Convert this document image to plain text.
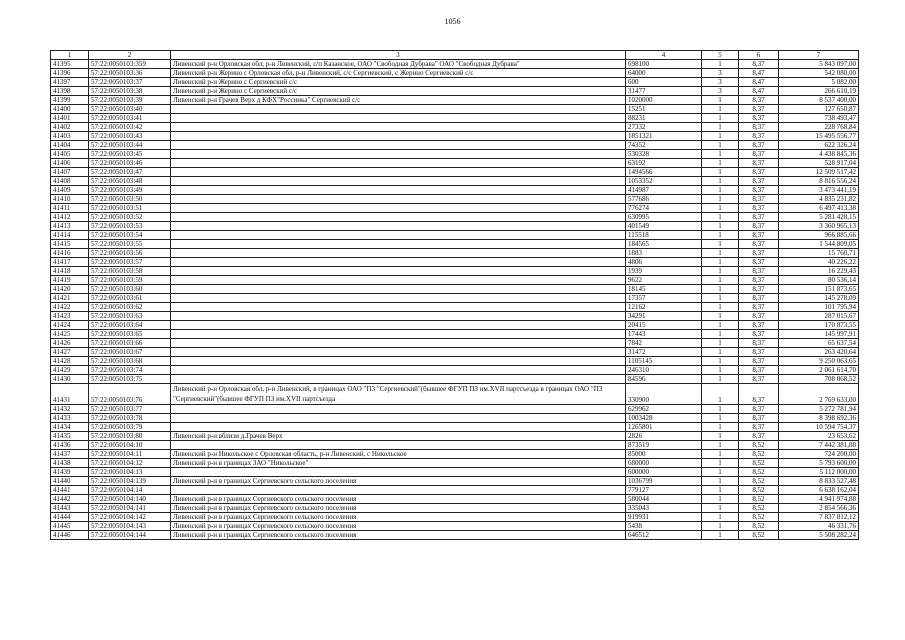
1056
1	2	3	4	5	6	7
41395	57:22:0050103:359	Ливенский р-н Орловская обл, р-н Ливенский, с/п Казанское, ОАО "Свободная Дубрава" ОАО "Свободная Дубрава"	698100	1	8,37	5 843 097,00
41396	57:22:0050103:36	Ливенский р-н Жерино с Орловская обл, р-н Ливенский, с/с Сергиевский, с Жерино Сергиевский с/с	64000	3	8,47	542 080,00
41397	57:22:0050103:37	Ливенский р-н Жерино с Сергиевский с/с	600	3	8,47	5 082,00
41398	57:22:0050103:38	Ливенский р-н Жерино с Сергиевский с/с	31477	3	8,47	266 610,19
41399	57:22:0050103:39	Ливенский р-н Грачев Верх д КФХ"Россинка" Сергиевский с/с	1020000	1	8,37	8 537 400,00
41400	57:22:0050103:40		15251	1	8,37	127 650,87
41401	57:22:0050103:41		88231	1	8,37	738 493,47
41402	57:22:0050103:42		27332	1	8,37	228 768,84
41403	57:22:0050103:43		1851321	1	8,37	15 495 556,77
41404	57:22:0050103:44		74352	1	8,37	622 326,24
41405	57:22:0050103:45		530328	1	8,37	4 438 845,36
41406	57:22:0050103:46		63192	1	8,37	528 917,04
41407	57:22:0050103:47		1494566	1	8,37	12 509 517,42
41408	57:22:0050103:48		1053352	1	8,37	8 816 556,24
41409	57:22:0050103:49		414987	1	8,37	3 473 441,19
41410	57:22:0050103:50		577686	1	8,37	4 835 231,82
41411	57:22:0050103:51		776274	1	8,37	6 497 413,38
41412	57:22:0050103:52		630995	1	8,37	5 281 428,15
41413	57:22:0050103:53		401549	1	8,37	3 360 965,13
41414	57:22:0050103:54		115518	1	8,37	966 885,66
41415	57:22:0050103:55		184565	1	8,37	1 544 809,05
41416	57:22:0050103:56		1883	1	8,37	15 760,71
41417	57:22:0050103:57		4806	1	8,37	40 226,22
41418	57:22:0050103:58		1939	1	8,37	16 229,43
41419	57:22:0050103:59		9622	1	8,37	80 536,14
41420	57:22:0050103:60		18145	1	8,37	151 873,65
41421	57:22:0050103:61		17357	1	8,37	145 278,09
41422	57:22:0050103:62		12162	1	8,37	101 795,94
41423	57:22:0050103:63		34291	1	8,37	287 015,67
41424	57:22:0050103:64		20415	1	8,37	170 873,55
41425	57:22:0050103:65		17443	1	8,37	145 997,91
41426	57:22:0050103:66		7842	1	8,37	65 637,54
41427	57:22:0050103:67		31472	1	8,37	263 420,64
41428	57:22:0050103:68		1105145	1	8,37	9 250 063,65
41429	57:22:0050103:74		246310	1	8,37	2 061 614,70
41430	57:22:0050103:75		84596	1	8,37	708 068,52
41431	57:22:0050103:76	Ливенский р-н Орловская обл, р-н Ливенский, в границах ОАО "ПЗ "Сергиевский"(бывшее ФГУП ПЗ им.XVII партсъезда в границах ОАО "ПЗ "Сергиевский"(бывшее ФГУП ПЗ им.XVII партсъезда	330900	1	8,37	2 769 633,00
41432	57:22:0050103:77		629962	1	8,37	5 272 781,94
41433	57:22:0050103:78		1003428	1	8,37	8 398 692,36
41434	57:22:0050103:79		1265801	1	8,37	10 594 754,37
41435	57:22:0050103:80	Ливенский р-н вблизи д.Грачев Верх	2826	1	8,37	23 653,62
41436	57:22:0050104:10		873519	1	8,52	7 442 381,88
41437	57:22:0050104:11	Ливенский р-н Никольское с Орловская область, р-н Ливенский, с Никольское	85000	1	8,52	724 200,00
41438	57:22:0050104:12	Ливенский р-н в границах ЗАО "Никольское"	680000	1	8,52	5 793 600,00
41439	57:22:0050104:13		600000	1	8,52	5 112 000,00
41440	57:22:0050104:139	Ливенский р-н в границах Сергиевского сельского поселения	1036799	1	8,52	8 833 527,48
41441	57:22:0050104:14		779127	1	8,52	6 638 162,04
41442	57:22:0050104:140	Ливенский р-н в границах Сергиевского сельского поселения	580044	1	8,52	4 941 974,88
41443	57:22:0050104:141	Ливенский р-н в границах Сергиевского сельского поселения	335043	1	8,52	2 854 566,36
41444	57:22:0050104:142	Ливенский р-н в границах Сергиевского сельского поселения	919931	1	8,52	7 837 812,12
41445	57:22:0050104:143	Ливенский р-н в границах Сергиевского сельского поселения	5438	1	8,52	46 331,76
41446	57:22:0050104:144	Ливенский р-н в границах Сергиевского сельского поселения	646512	1	8,52	5 508 282,24
